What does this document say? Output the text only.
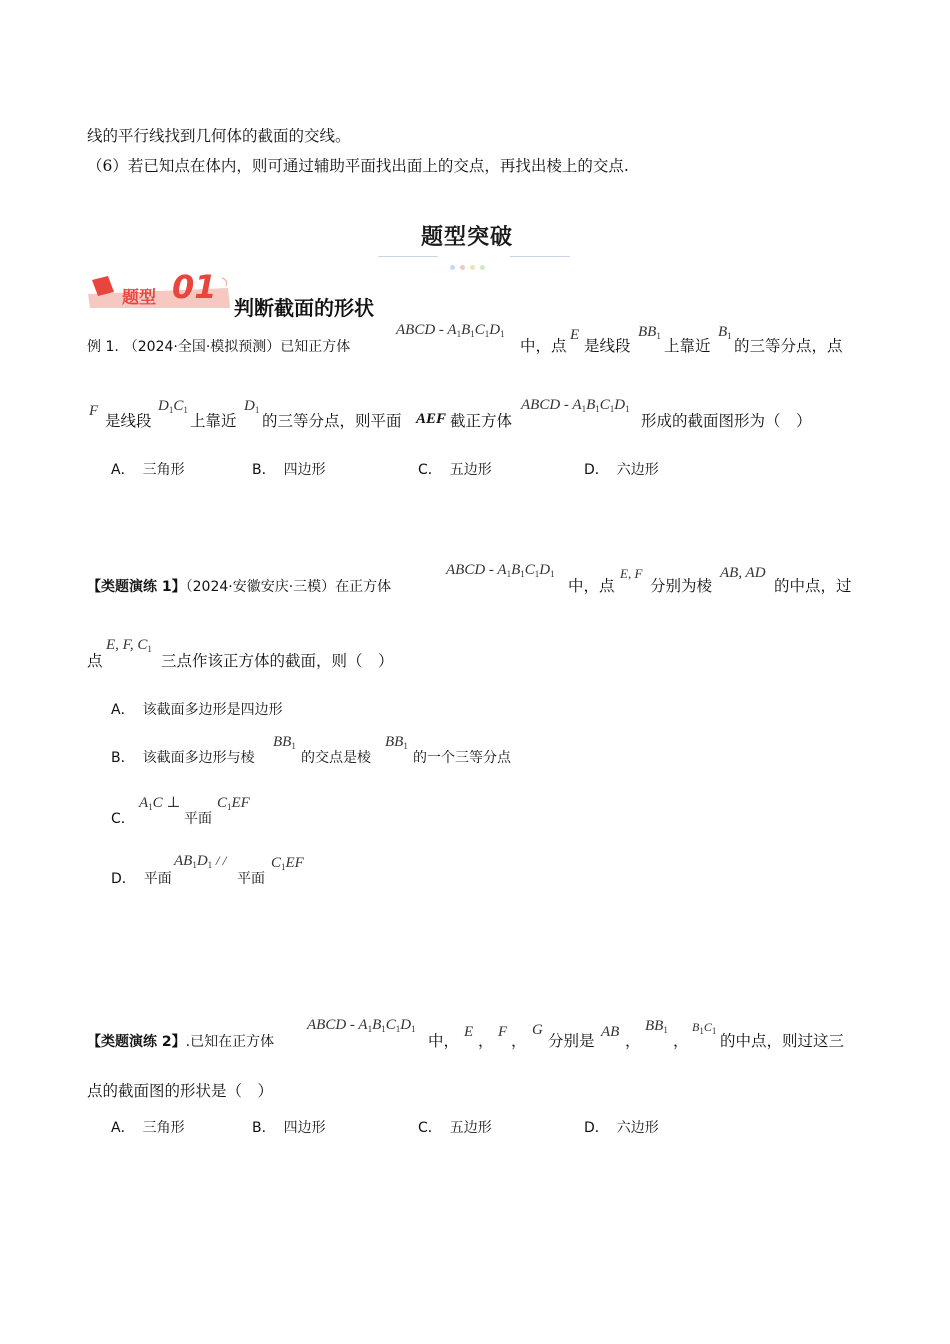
线的平行线找到几何体的截面的交线。
（6）若已知点在体内，则可通过辅助平面找出面上的交点，再找出棱上的交点.
题型突破
题型 01
判断截面的形状
例 1. （2024·全国·模拟预测）已知正方体
ABCD - $A_1B_1C_1D_1$
中，点
E
是线段
$BB_1$
上靠近
$B_1$
的三等分点，点
F
是线段
$D_1C_1$
上靠近
$D_1$
的三等分点，则平面 AEF 截正方体
ABCD - $A_1B_1C_1D_1$
形成的截面图形为（　）
A． 三角形	B． 四边形	C． 五边形	D． 六边形
【类题演练 1】（2024·安徽安庆·三模）在正方体
ABCD - $A_1B_1C_1D_1$
中，点
E, F
分别为棱
AB, AD
的中点，过
点
E, F, $C_1$
三点作该正方体的截面，则（　）
A． 该截面多边形是四边形
B． 该截面多边形与棱
$BB_1$
的交点是棱
$BB_1$
的一个三等分点
C．
$A_1C$ ⊥
平面
$C_1EF$
D． 平面
$AB_1D_1$ / /
平面
$C_1EF$
【类题演练 2】.已知在正方体
ABCD - $A_1B_1C_1D_1$
中， E ， F ，
G
分别是 AB ，
$BB_1$
，
$B_1C_1$
的中点，则过这三
点的截面图的形状是（　）
A． 三角形	B． 四边形	C． 五边形	D． 六边形
